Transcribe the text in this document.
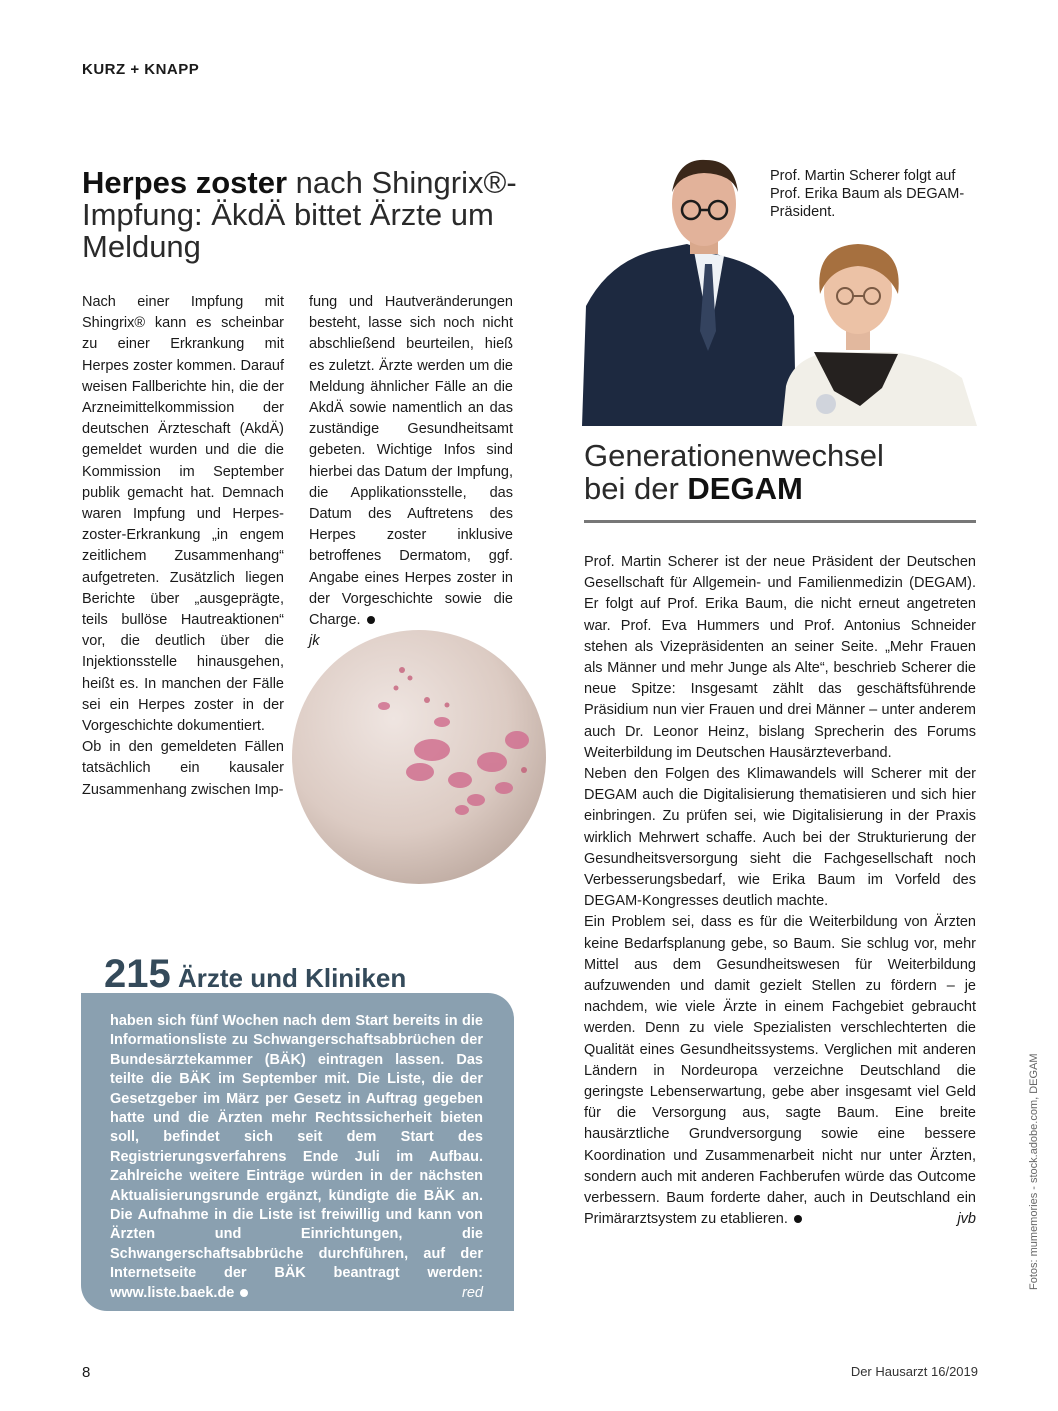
KURZ + KNAPP
Herpes zoster nach Shingrix®-Impfung: ÄkdÄ bittet Ärzte um Meldung

Nach einer Impfung mit Shingrix® kann es scheinbar zu einer Erkrankung mit Herpes zoster kommen. Darauf weisen Fallberichte hin, die der Arzneimittelkommission der deutschen Ärzteschaft (AkdÄ) gemeldet wurden und die die Kommission im September publik gemacht hat. Demnach waren Impfung und Herpes-zoster-Erkrankung „in engem zeitlichem Zusammenhang“ aufgetreten. Zusätzlich liegen Berichte über „ausgeprägte, teils bullöse Hautreaktionen“ vor, die deutlich über die Injektionsstelle hinausgehen, heißt es. In manchen der Fälle sei ein Herpes zoster in der Vorgeschichte dokumentiert.

Ob in den gemeldeten Fällen tatsächlich ein kausaler Zusammenhang zwischen Imp-

fung und Hautveränderungen besteht, lasse sich noch nicht abschließend beurteilen, hieß es zuletzt. Ärzte werden um die Meldung ähnlicher Fälle an die AkdÄ sowie namentlich an das zuständige Gesundheitsamt gebeten. Wichtige Infos sind hierbei das Datum der Impfung, die Applikationsstelle, das Datum des Auftretens des Herpes zoster inklusive betroffenes Dermatom, ggf. Angabe eines Herpes zoster in der Vorgeschichte sowie die Charge.

jk

Prof. Martin Scherer folgt auf Prof. Erika Baum als DEGAM-Präsident.
Generationenwechsel
bei der DEGAM

Prof. Martin Scherer ist der neue Präsident der Deutschen Gesellschaft für Allgemein- und Familienmedizin (DEGAM). Er folgt auf Prof. Erika Baum, die nicht erneut angetreten war. Prof. Eva Hummers und Prof. Antonius Schneider stehen als Vizepräsidenten an seiner Seite. „Mehr Frauen als Männer und mehr Junge als Alte“, beschrieb Scherer die neue Spitze: Insgesamt zählt das geschäftsführende Präsidium nun vier Frauen und drei Männer – unter anderem auch Dr. Leonor Heinz, bislang Sprecherin des Forums Weiterbildung im Deutschen Hausärzteverband.

Neben den Folgen des Klimawandels will Scherer mit der DEGAM auch die Digitalisierung thematisieren und sich hier einbringen. Zu prüfen sei, wie Digitalisierung in der Praxis wirklich Mehrwert schaffe. Auch bei der Strukturierung der Gesundheitsversorgung sieht die Fachgesellschaft noch Verbesserungsbedarf, wie Erika Baum im Vorfeld des DEGAM-Kongresses deutlich machte.

Ein Problem sei, dass es für die Weiterbildung von Ärzten keine Bedarfsplanung gebe, so Baum. Sie schlug vor, mehr Mittel aus dem Gesundheitswesen für Weiterbildung aufzuwenden und damit gezielt Stellen zu fördern – je nachdem, wie viele Ärzte in einem Fachgebiet gebraucht werden. Denn zu viele Spezialisten verschlechterten die Qualität eines Gesundheitssystems. Verglichen mit anderen Ländern in Nordeuropa verzeichne Deutschland die geringste Lebenserwartung, gebe aber insgesamt viel Geld für die Versorgung aus, sagte Baum. Eine breite hausärztliche Grundversorgung sowie eine bessere Koordination und Zusammenarbeit nicht nur unter Ärzten, sondern auch mit anderen Fachberufen würde das Outcome verbessern. Baum forderte daher, auch in Deutschland ein Primärarztsystem zu etablieren.	jvb

215 Ärzte und Kliniken
haben sich fünf Wochen nach dem Start bereits in die Informationsliste zu Schwangerschaftsabbrüchen der Bundesärztekammer (BÄK) eintragen lassen. Das teilte die BÄK im September mit. Die Liste, die der Gesetzgeber im März per Gesetz in Auftrag gegeben hatte und die Ärzten mehr Rechtssicherheit bieten soll, befindet sich seit dem Start des Registrierungsverfahrens Ende Juli im Aufbau. Zahlreiche weitere Einträge würden in der nächsten Aktualisierungsrunde ergänzt, kündigte die BÄK an. Die Aufnahme in die Liste ist freiwillig und kann von Ärzten und Einrichtungen, die Schwangerschaftsabbrüche durchführen, auf der Internetseite der BÄK beantragt werden: www.liste.baek.de	red
Fotos: mumemories - stock.adobe.com, DEGAM
8	Der Hausarzt 16/2019
